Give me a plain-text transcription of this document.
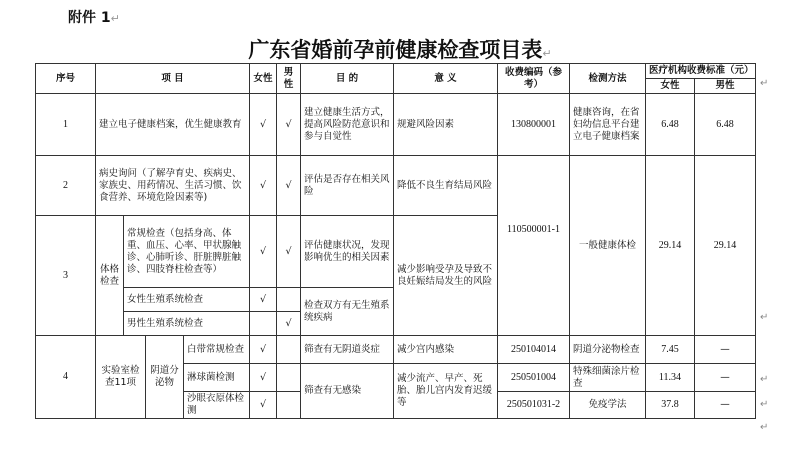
附件 1↵
广东省婚前孕前健康检查项目表↵
序号	项 目				女性	男性	目 的	意 义	收费编码（参考）	检测方法	医疗机构收费标准（元）	
											女性	男性
1	建立电子健康档案，优生健康教育				√	√	建立健康生活方式，提高风险防范意识和参与自觉性	规避风险因素	130800001	健康咨询，在省妇幼信息平台建立电子健康档案	6.48	6.48
2	病史询问（了解孕育史、疾病史、家族史、用药情况、生活习惯、饮食营养、环境危险因素等)				√	√	评估是否存在相关风险	降低不良生育结局风险	110500001-1	一般健康体检	29.14	29.14
3	体格检查	常规检查（包括身高、体重、血压、心率、甲状腺触诊、心肺听诊、肝脏脾脏触诊、四肢脊柱检查等）			√	√	评估健康状况，发现影响优生的相关因素	减少影响受孕及导致不良妊娠结局发生的风险				
		女性生殖系统检查			√		检查双方有无生殖系统疾病					
		男性生殖系统检查				√						
4	实验室检查11项		阴道分泌物	白带常规检查	√		筛查有无阴道炎症	减少宫内感染	250104014	阴道分泌物检查	7.45	—
				淋球菌检测	√		筛查有无感染	减少流产、早产、死胎、胎儿宫内发育迟缓等	250501004	特殊细菌涂片检查	11.34	—
				沙眼衣原体检测	√				250501031-2	免疫学法	37.8	—
↵
↵
↵
↵
↵
